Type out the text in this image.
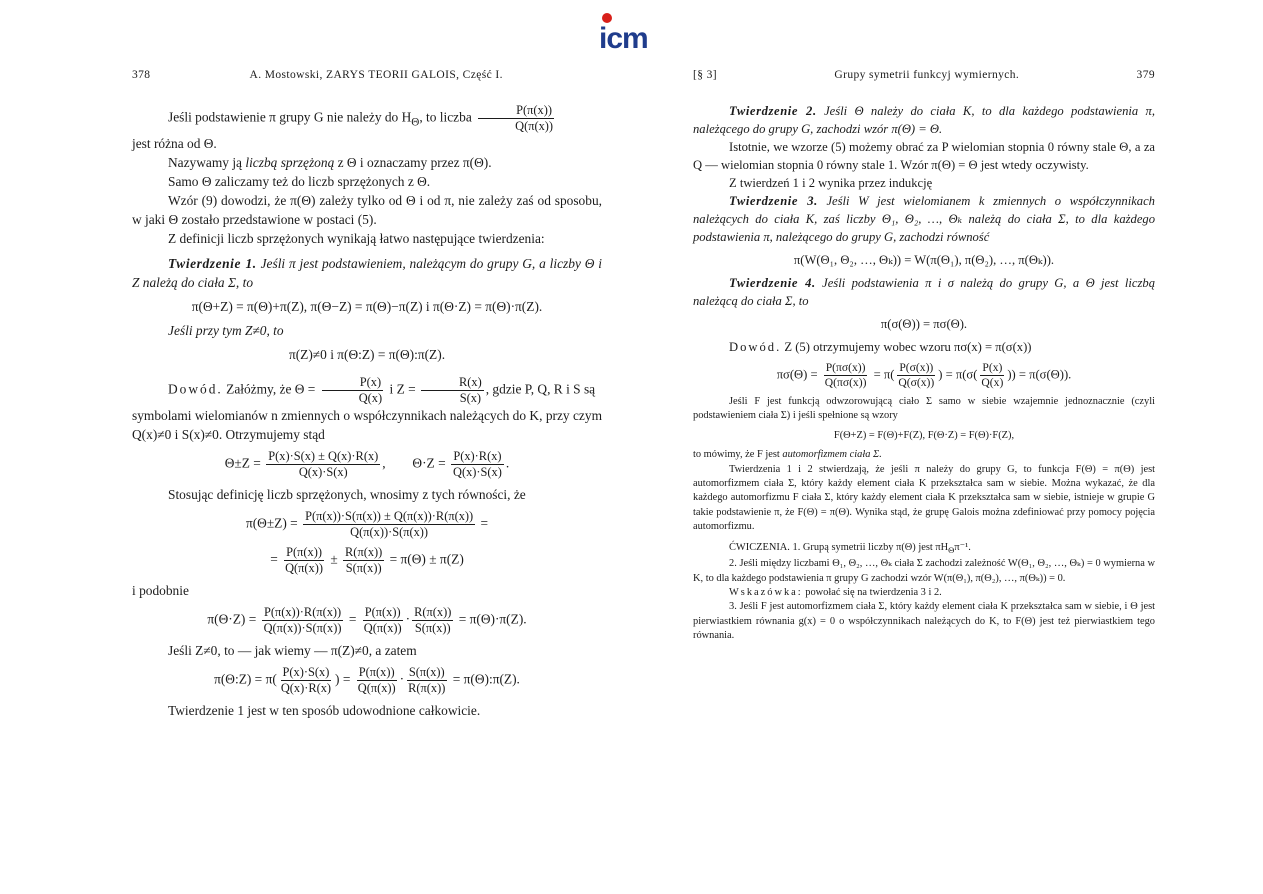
icm
378	A. Mostowski, ZARYS TEORII GALOIS, Część I.

Jeśli podstawienie π grupy G nie należy do $H_\Theta$, to liczba $\frac{P(\pi(x))}{Q(\pi(x))}$

jest różna od Θ.

Nazywamy ją liczbą sprzężoną z Θ i oznaczamy przez π(Θ).

Samo Θ zaliczamy też do liczb sprzężonych z Θ.

Wzór (9) dowodzi, że π(Θ) zależy tylko od Θ i od π, nie zależy zaś od sposobu, w jaki Θ zostało przedstawione w postaci (5).

Z definicji liczb sprzężonych wynikają łatwo następujące twierdzenia:

Twierdzenie 1. Jeśli π jest podstawieniem, należącym do grupy G, a liczby Θ i Z należą do ciała Σ, to

π(Θ+Z) = π(Θ)+π(Z), π(Θ−Z) = π(Θ)−π(Z) i π(Θ·Z) = π(Θ)·π(Z).

Jeśli przy tym Z≠0, to

π(Z)≠0 i π(Θ:Z) = π(Θ):π(Z).

Dowód. Załóżmy, że $\Theta = \frac{P(x)}{Q(x)}$ i $Z = \frac{R(x)}{S(x)}$ , gdzie P, Q, R i S są

symbolami wielomianów n zmiennych o współczynnikach należących do K, przy czym Q(x)≠0 i S(x)≠0. Otrzymujemy stąd

$\Theta\pm Z = \frac{P(x)\cdot S(x) \pm Q(x)\cdot R(x)}{Q(x)\cdot S(x)}$ ,        $\Theta\cdot Z = \frac{P(x)\cdot R(x)}{Q(x)\cdot S(x)}$ .

Stosując definicję liczb sprzężonych, wnosimy z tych równości, że

$\pi(\Theta\pm Z) = \frac{P(\pi(x))\cdot S(\pi(x)) \pm Q(\pi(x))\cdot R(\pi(x))}{Q(\pi(x))\cdot S(\pi(x))}$ =

= $\frac{P(\pi(x))}{Q(\pi(x))} \pm \frac{R(\pi(x))}{S(\pi(x))} = \pi(\Theta) \pm \pi(Z)$

i podobnie

$\pi(\Theta\cdot Z) = \frac{P(\pi(x))\cdot R(\pi(x))}{Q(\pi(x))\cdot S(\pi(x))} = \frac{P(\pi(x))}{Q(\pi(x))} \cdot \frac{R(\pi(x))}{S(\pi(x))} = \pi(\Theta)\cdot\pi(Z)$.

Jeśli Z≠0, to — jak wiemy — π(Z)≠0, a zatem

π(Θ:Z) = $\pi( \frac{P(x)\cdot S(x)}{Q(x)\cdot R(x)}$ ) = $\frac{P(\pi(x))}{Q(\pi(x))} \cdot \frac{S(\pi(x))}{R(\pi(x))}$ = π(Θ):π(Z).

Twierdzenie 1 jest w ten sposób udowodnione całkowicie.

[§ 3]	Grupy symetrii funkcyj wymiernych.	379

Twierdzenie 2. Jeśli Θ należy do ciała K, to dla każdego podstawienia π, należącego do grupy G, zachodzi wzór π(Θ) = Θ.

Istotnie, we wzorze (5) możemy obrać za P wielomian stopnia 0 równy stale Θ, a za Q — wielomian stopnia 0 równy stale 1. Wzór π(Θ) = Θ jest wtedy oczywisty.

Z twierdzeń 1 i 2 wynika przez indukcję

Twierdzenie 3. Jeśli W jest wielomianem k zmiennych o współczynnikach należących do ciała K, zaś liczby Θ₁, Θ₂, …, Θₖ należą do ciała Σ, to dla każdego podstawienia π, należącego do grupy G, zachodzi równość

π(W(Θ₁, Θ₂, …, Θₖ)) = W(π(Θ₁), π(Θ₂), …, π(Θₖ)).

Twierdzenie 4. Jeśli podstawienia π i σ należą do grupy G, a Θ jest liczbą należącą do ciała Σ, to

π(σ(Θ)) = πσ(Θ).

Dowód. Z (5) otrzymujemy wobec wzoru πσ(x) = π(σ(x))

$\pi\sigma(\Theta) = \frac{P(\pi\sigma(x))}{Q(\pi\sigma(x))} = \pi( \frac{P(\sigma(x))}{Q(\sigma(x))}$ ) = $\pi(\sigma( \frac{P(x)}{Q(x)}$ )) = π(σ(Θ)).

Jeśli F jest funkcją odwzorowującą ciało Σ samo w siebie wzajemnie jednoznacznie (czyli podstawieniem ciała Σ) i jeśli spełnione są wzory

F(Θ+Z) = F(Θ)+F(Z), F(Θ·Z) = F(Θ)·F(Z),

to mówimy, że F jest automorfizmem ciała Σ.

Twierdzenia 1 i 2 stwierdzają, że jeśli π należy do grupy G, to funkcja F(Θ) = π(Θ) jest automorfizmem ciała Σ, który każdy element ciała K przekształca sam w siebie. Można wykazać, że dla każdego automorfizmu F ciała Σ, który każdy element ciała K przekształca sam w siebie, istnieje w grupie G takie podstawienie π, że F(Θ) = π(Θ). Wynika stąd, że grupę Galois można zdefiniować przy pomocy pojęcia automorfizmu.

ĆWICZENIA. 1. Grupą symetrii liczby π(Θ) jest $\pi H_\Theta\pi^{-1}$.

2. Jeśli między liczbami Θ₁, Θ₂, …, Θₖ ciała Σ zachodzi zależność W(Θ₁, Θ₂, …, Θₖ) = 0 wymierna w K, to dla każdego podstawienia π grupy G zachodzi wzór W(π(Θ₁), π(Θ₂), …, π(Θₖ)) = 0.

Wskazówka: powołać się na twierdzenia 3 i 2.

3. Jeśli F jest automorfizmem ciała Σ, który każdy element ciała K przekształca sam w siebie, i Θ jest pierwiastkiem równania g(x) = 0 o współczynnikach należących do K, to F(Θ) jest też pierwiastkiem tego równania.
